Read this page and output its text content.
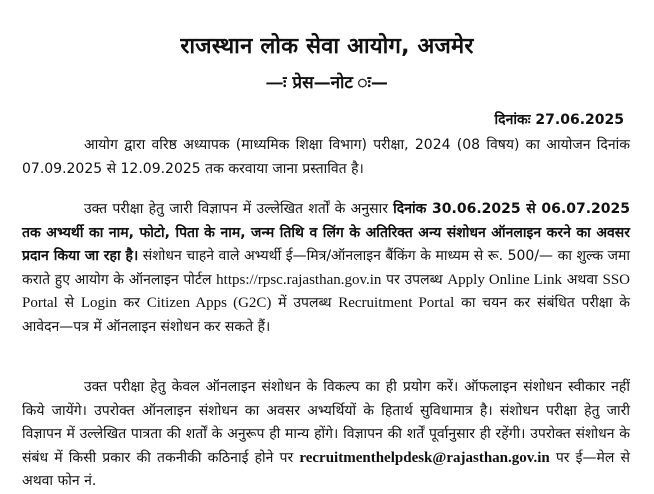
राजस्थान लोक सेवा आयोग, अजमेर
—ः प्रेस—नोट ः—
दिनांकः 27.06.2025

आयोग द्वारा वरिष्ठ अध्यापक (माध्यमिक शिक्षा विभाग) परीक्षा, 2024 (08 विषय) का आयोजन दिनांक 07.09.2025 से 12.09.2025 तक करवाया जाना प्रस्तावित है।

उक्त परीक्षा हेतु जारी विज्ञापन में उल्लेखित शर्तों के अनुसार दिनांक 30.06.2025 से 06.07.2025 तक अभ्यर्थी का नाम, फोटो, पिता के नाम, जन्म तिथि व लिंग के अतिरिक्त अन्य संशोधन ऑनलाइन करने का अवसर प्रदान किया जा रहा है। संशोधन चाहने वाले अभ्यर्थी ई—मित्र/ऑनलाइन बैंकिंग के माध्यम से रू. 500/— का शुल्क जमा कराते हुए आयोग के ऑनलाइन पोर्टल https://rpsc.rajasthan.gov.in पर उपलब्ध Apply Online Link अथवा SSO Portal से Login कर Citizen Apps (G2C) में उपलब्ध Recruitment Portal का चयन कर संबंधित परीक्षा के आवेदन—पत्र में ऑनलाइन संशोधन कर सकते हैं।

उक्त परीक्षा हेतु केवल ऑनलाइन संशोधन के विकल्प का ही प्रयोग करें। ऑफलाइन संशोधन स्वीकार नहीं किये जायेंगे। उपरोक्त ऑनलाइन संशोधन का अवसर अभ्यर्थियों के हितार्थ सुविधामात्र है। संशोधन परीक्षा हेतु जारी विज्ञापन में उल्लेखित पात्रता की शर्तों के अनुरूप ही मान्य होंगे। विज्ञापन की शर्तें पूर्वानुसार ही रहेंगी। उपरोक्त संशोधन के संबंध में किसी प्रकार की तकनीकी कठिनाई होने पर recruitmenthelpdesk@rajasthan.gov.in पर ई—मेल से अथवा फोन नं.
